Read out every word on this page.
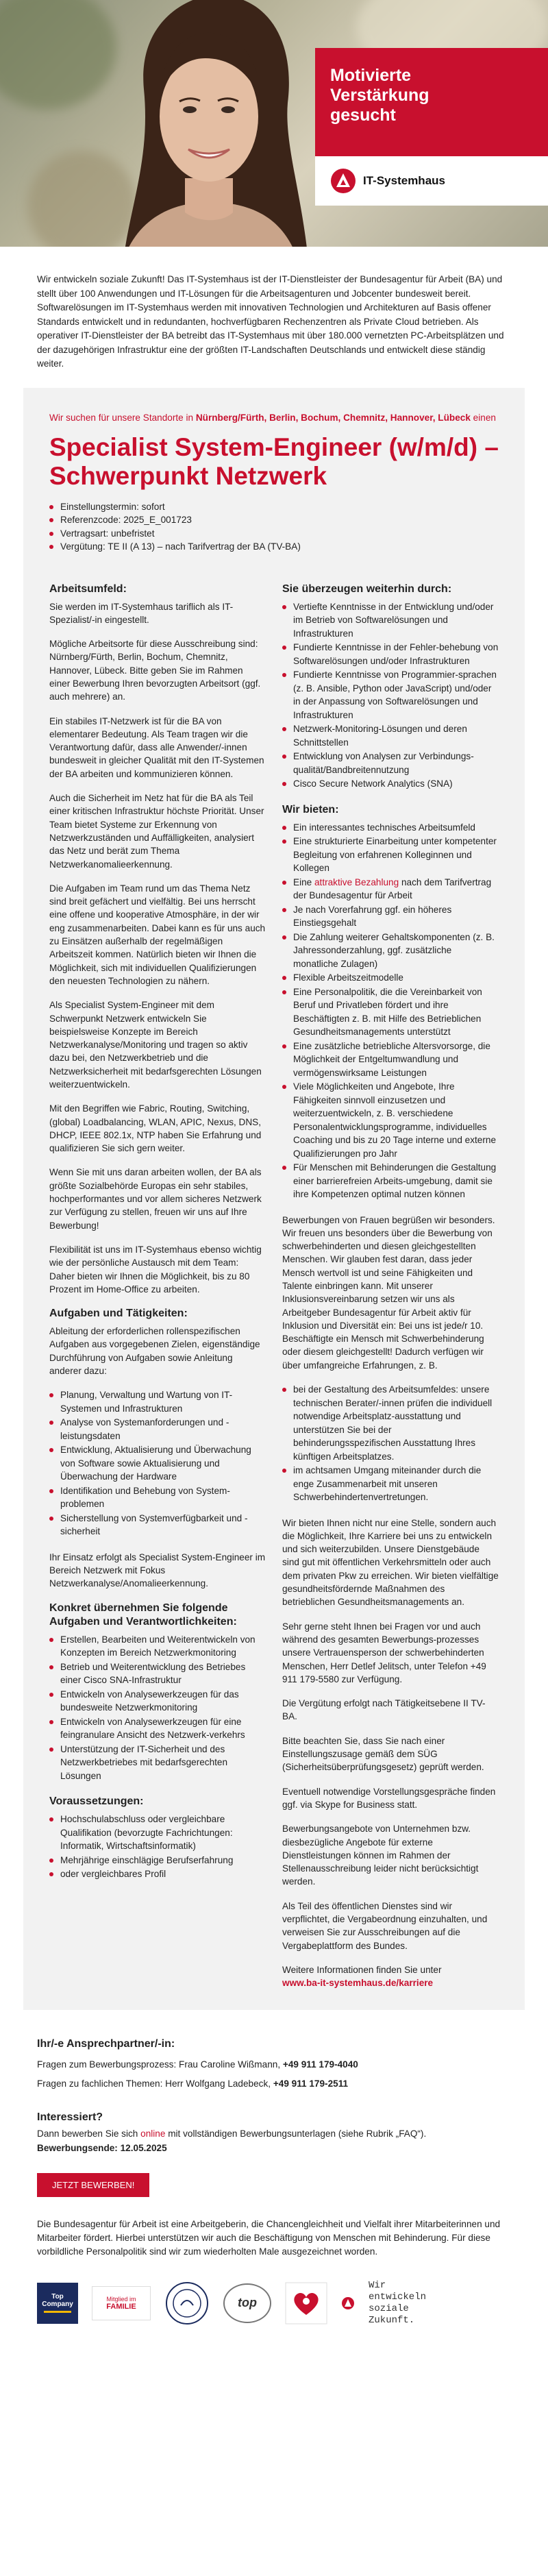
Motivierte Verstärkung gesucht
IT-Systemhaus
Wir entwickeln soziale Zukunft! Das IT-Systemhaus ist der IT-Dienstleister der Bundesagentur für Arbeit (BA) und stellt über 100 Anwendungen und IT-Lösungen für die Arbeitsagenturen und Jobcenter bundesweit bereit. Softwarelösungen im IT-Systemhaus werden mit innovativen Technologien und Architekturen auf Basis offener Standards entwickelt und in redundanten, hochverfügbaren Rechenzentren als Private Cloud betrieben. Als operativer IT-Dienstleister der BA betreibt das IT-Systemhaus mit über 180.000 vernetzten PC-Arbeitsplätzen und der dazugehörigen Infrastruktur eine der größten IT-Landschaften Deutschlands und entwickelt diese ständig weiter.
Wir suchen für unsere Standorte in Nürnberg/Fürth, Berlin, Bochum, Chemnitz, Hannover, Lübeck einen
Specialist System-Engineer (w/m/d) – Schwerpunkt Netzwerk
Einstellungstermin: sofort
Referenzcode: 2025_E_001723
Vertragsart: unbefristet
Vergütung: TE II (A 13) – nach Tarifvertrag der BA (TV-BA)
Arbeitsumfeld:

Sie werden im IT-Systemhaus tariflich als IT-Spezialist/-in eingestellt.

Mögliche Arbeitsorte für diese Ausschreibung sind: Nürnberg/Fürth, Berlin, Bochum, Chemnitz, Hannover, Lübeck. Bitte geben Sie im Rahmen einer Bewerbung Ihren bevorzugten Arbeitsort (ggf. auch mehrere) an.

Ein stabiles IT-Netzwerk ist für die BA von elementarer Bedeutung. Als Team tragen wir die Verantwortung dafür, dass alle Anwender/-innen bundesweit in gleicher Qualität mit den IT-Systemen der BA arbeiten und kommunizieren können.

Auch die Sicherheit im Netz hat für die BA als Teil einer kritischen Infrastruktur höchste Priorität. Unser Team bietet Systeme zur Erkennung von Netzwerkzuständen und Auffälligkeiten, analysiert das Netz und berät zum Thema Netzwerkanomalieerkennung.

Die Aufgaben im Team rund um das Thema Netz sind breit gefächert und vielfältig. Bei uns herrscht eine offene und kooperative Atmosphäre, in der wir eng zusammenarbeiten. Dabei kann es für uns auch zu Einsätzen außerhalb der regelmäßigen Arbeitszeit kommen. Natürlich bieten wir Ihnen die Möglichkeit, sich mit individuellen Qualifizierungen den neuesten Technologien zu nähern.

Als Specialist System-Engineer mit dem Schwerpunkt Netzwerk entwickeln Sie beispielsweise Konzepte im Bereich Netzwerkanalyse/Monitoring und tragen so aktiv dazu bei, den Netzwerkbetrieb und die Netzwerksicherheit mit bedarfsgerechten Lösungen weiterzuentwickeln.

Mit den Begriffen wie Fabric, Routing, Switching, (global) Loadbalancing, WLAN, APIC, Nexus, DNS, DHCP, IEEE 802.1x, NTP haben Sie Erfahrung und qualifizieren Sie sich gern weiter.

Wenn Sie mit uns daran arbeiten wollen, der BA als größte Sozialbehörde Europas ein sehr stabiles, hochperformantes und vor allem sicheres Netzwerk zur Verfügung zu stellen, freuen wir uns auf Ihre Bewerbung!

Flexibilität ist uns im IT-Systemhaus ebenso wichtig wie der persönliche Austausch mit dem Team:
Daher bieten wir Ihnen die Möglichkeit, bis zu 80 Prozent im Home-Office zu arbeiten.

Aufgaben und Tätigkeiten:

Ableitung der erforderlichen rollenspezifischen Aufgaben aus vorgegebenen Zielen, eigenständige Durchführung von Aufgaben sowie Anleitung anderer dazu:

Planung, Verwaltung und Wartung von IT-Systemen und Infrastrukturen
Analyse von Systemanforderungen und -leistungsdaten
Entwicklung, Aktualisierung und Überwachung von Software sowie Aktualisierung und Überwachung der Hardware
Identifikation und Behebung von System-problemen
Sicherstellung von Systemverfügbarkeit und -sicherheit

Ihr Einsatz erfolgt als Specialist System-Engineer im Bereich Netzwerk mit Fokus Netzwerkanalyse/Anomalieerkennung.

Konkret übernehmen Sie folgende Aufgaben und Verantwortlichkeiten:
Erstellen, Bearbeiten und Weiterentwickeln von Konzepten im Bereich Netzwerkmonitoring
Betrieb und Weiterentwicklung des Betriebes einer Cisco SNA-Infrastruktur
Entwickeln von Analysewerkzeugen für das bundesweite Netzwerkmonitoring
Entwickeln von Analysewerkzeugen für eine feingranulare Ansicht des Netzwerk-verkehrs
Unterstützung der IT-Sicherheit und des Netzwerkbetriebes mit bedarfsgerechten Lösungen
Voraussetzungen:
Hochschulabschluss oder vergleichbare Qualifikation (bevorzugte Fachrichtungen: Informatik, Wirtschaftsinformatik)
Mehrjährige einschlägige Berufserfahrung
oder vergleichbares Profil
Sie überzeugen weiterhin durch:
Vertiefte Kenntnisse in der Entwicklung und/oder im Betrieb von Softwarelösungen und Infrastrukturen
Fundierte Kenntnisse in der Fehler-behebung von Softwarelösungen und/oder Infrastrukturen
Fundierte Kenntnisse von Programmier-sprachen (z. B. Ansible, Python oder JavaScript) und/oder in der Anpassung von Softwarelösungen und Infrastrukturen
Netzwerk-Monitoring-Lösungen und deren Schnittstellen
Entwicklung von Analysen zur Verbindungs-qualität/Bandbreitennutzung
Cisco Secure Network Analytics (SNA)
Wir bieten:
Ein interessantes technisches Arbeitsumfeld
Eine strukturierte Einarbeitung unter kompetenter Begleitung von erfahrenen Kolleginnen und Kollegen
Eine attraktive Bezahlung nach dem Tarifvertrag der Bundesagentur für Arbeit
Je nach Vorerfahrung ggf. ein höheres Einstiegsgehalt
Die Zahlung weiterer Gehaltskomponenten (z. B. Jahressonderzahlung, ggf. zusätzliche monatliche Zulagen)
Flexible Arbeitszeitmodelle
Eine Personalpolitik, die die Vereinbarkeit von Beruf und Privatleben fördert und ihre Beschäftigten z. B. mit Hilfe des Betrieblichen Gesundheitsmanagements unterstützt
Eine zusätzliche betriebliche Altersvorsorge, die Möglichkeit der Entgeltumwandlung und vermögenswirksame Leistungen
Viele Möglichkeiten und Angebote, Ihre Fähigkeiten sinnvoll einzusetzen und weiterzuentwickeln, z. B. verschiedene Personalentwicklungsprogramme, individuelles Coaching und bis zu 20 Tage interne und externe Qualifizierungen pro Jahr
Für Menschen mit Behinderungen die Gestaltung einer barrierefreien Arbeits-umgebung, damit sie ihre Kompetenzen optimal nutzen können

Bewerbungen von Frauen begrüßen wir besonders. Wir freuen uns besonders über die Bewerbung von schwerbehinderten und diesen gleichgestellten Menschen. Wir glauben fest daran, dass jeder Mensch wertvoll ist und seine Fähigkeiten und Talente einbringen kann. Mit unserer Inklusionsvereinbarung setzen wir uns als Arbeitgeber Bundesagentur für Arbeit aktiv für Inklusion und Diversität ein: Bei uns ist jede/r 10. Beschäftigte ein Mensch mit Schwerbehinderung oder diesem gleichgestellt! Dadurch verfügen wir über umfangreiche Erfahrungen, z. B.

bei der Gestaltung des Arbeitsumfeldes: unsere technischen Berater/-innen prüfen die individuell notwendige Arbeitsplatz-ausstattung und unterstützen Sie bei der behinderungsspezifischen Ausstattung Ihres künftigen Arbeitsplatzes.
im achtsamen Umgang miteinander durch die enge Zusammenarbeit mit unseren Schwerbehindertenvertretungen.

Wir bieten Ihnen nicht nur eine Stelle, sondern auch die Möglichkeit, Ihre Karriere bei uns zu entwickeln und sich weiterzubilden. Unsere Dienstgebäude sind gut mit öffentlichen Verkehrsmitteln oder auch dem privaten Pkw zu erreichen. Wir bieten vielfältige gesundheitsfördernde Maßnahmen des betrieblichen Gesundheitsmanagements an.

Sehr gerne steht Ihnen bei Fragen vor und auch während des gesamten Bewerbungs-prozesses unsere Vertrauensperson der schwerbehinderten Menschen, Herr Detlef Jelitsch, unter Telefon +49 911 179-5580 zur Verfügung.

Die Vergütung erfolgt nach Tätigkeitsebene II TV-BA.

Bitte beachten Sie, dass Sie nach einer Einstellungszusage gemäß dem SÜG (Sicherheitsüberprüfungsgesetz) geprüft werden.

Eventuell notwendige Vorstellungsgespräche finden ggf. via Skype for Business statt.

Bewerbungsangebote von Unternehmen bzw. diesbezügliche Angebote für externe Dienstleistungen können im Rahmen der Stellenausschreibung leider nicht berücksichtigt werden.

Als Teil des öffentlichen Dienstes sind wir verpflichtet, die Vergabeordnung einzuhalten, und verweisen Sie zur Ausschreibungen auf die Vergabeplattform des Bundes.

Weitere Informationen finden Sie unter
www.ba-it-systemhaus.de/karriere

Ihr/-e Ansprechpartner/-in:

Fragen zum Bewerbungsprozess: Frau Caroline Wißmann, +49 911 179-4040

Fragen zu fachlichen Themen: Herr Wolfgang Ladebeck, +49 911 179-2511

Interessiert?

Dann bewerben Sie sich online mit vollständigen Bewerbungsunterlagen (siehe Rubrik „FAQ“).

Bewerbungsende: 12.05.2025

JETZT BEWERBEN!
Die Bundesagentur für Arbeit ist eine Arbeitgeberin, die Chancengleichheit und Vielfalt ihrer Mitarbeiterinnen und Mitarbeiter fördert. Hierbei unterstützen wir auch die Beschäftigung von Menschen mit Behinderung. Für diese vorbildliche Personalpolitik sind wir zum wiederholten Male ausgezeichnet worden.
Top Company
Mitglied im
FAMILIE	top
Wir entwickeln soziale Zukunft.
